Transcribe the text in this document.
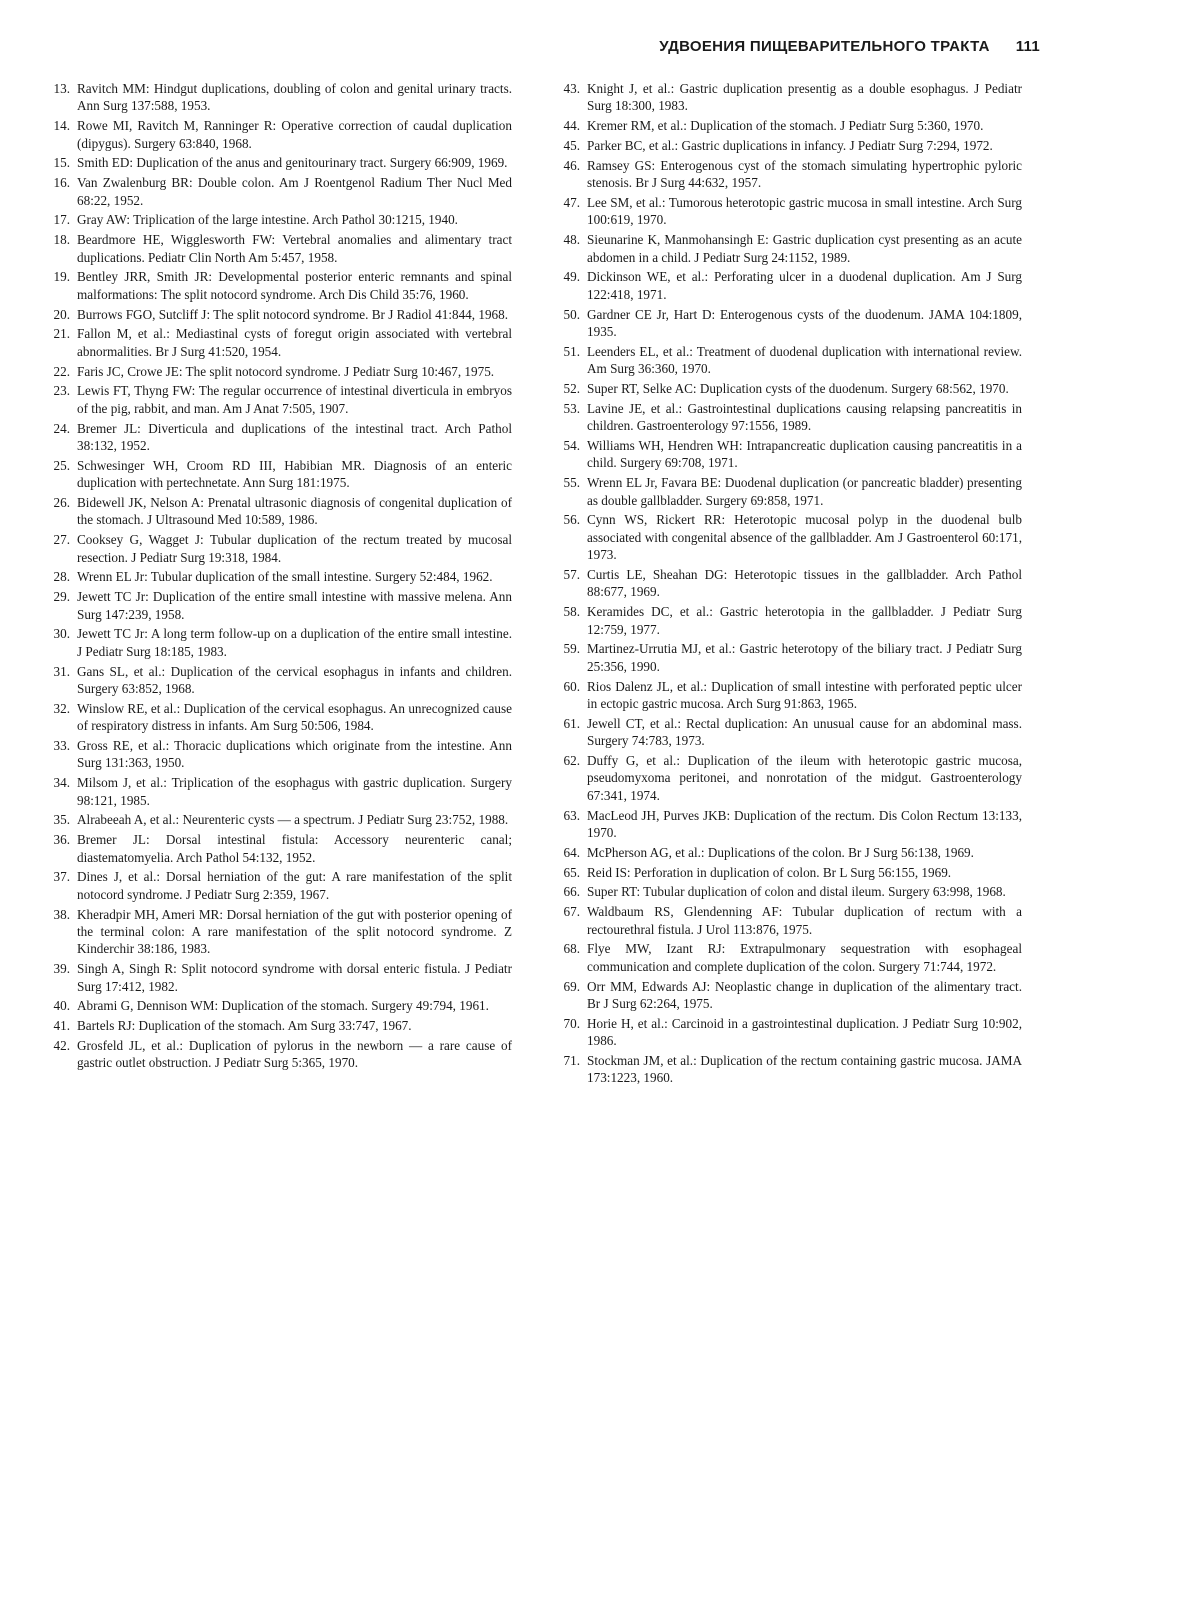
УДВОЕНИЯ ПИЩЕВАРИТЕЛЬНОГО ТРАКТА 111
13. Ravitch MM: Hindgut duplications, doubling of colon and genital urinary tracts. Ann Surg 137:588, 1953.
14. Rowe MI, Ravitch M, Ranninger R: Operative correction of caudal duplication (dipygus). Surgery 63:840, 1968.
15. Smith ED: Duplication of the anus and genitourinary tract. Surgery 66:909, 1969.
16. Van Zwalenburg BR: Double colon. Am J Roentgenol Radium Ther Nucl Med 68:22, 1952.
17. Gray AW: Triplication of the large intestine. Arch Pathol 30:1215, 1940.
18. Beardmore HE, Wigglesworth FW: Vertebral anomalies and alimentary tract duplications. Pediatr Clin North Am 5:457, 1958.
19. Bentley JRR, Smith JR: Developmental posterior enteric remnants and spinal malformations: The split notocord syndrome. Arch Dis Child 35:76, 1960.
20. Burrows FGO, Sutcliff J: The split notocord syndrome. Br J Radiol 41:844, 1968.
21. Fallon M, et al.: Mediastinal cysts of foregut origin associated with vertebral abnormalities. Br J Surg 41:520, 1954.
22. Faris JC, Crowe JE: The split notocord syndrome. J Pediatr Surg 10:467, 1975.
23. Lewis FT, Thyng FW: The regular occurrence of intestinal diverticula in embryos of the pig, rabbit, and man. Am J Anat 7:505, 1907.
24. Bremer JL: Diverticula and duplications of the intestinal tract. Arch Pathol 38:132, 1952.
25. Schwesinger WH, Croom RD III, Habibian MR. Diagnosis of an enteric duplication with pertechnetate. Ann Surg 181:1975.
26. Bidewell JK, Nelson A: Prenatal ultrasonic diagnosis of congenital duplication of the stomach. J Ultrasound Med 10:589, 1986.
27. Cooksey G, Wagget J: Tubular duplication of the rectum treated by mucosal resection. J Pediatr Surg 19:318, 1984.
28. Wrenn EL Jr: Tubular duplication of the small intestine. Surgery 52:484, 1962.
29. Jewett TC Jr: Duplication of the entire small intestine with massive melena. Ann Surg 147:239, 1958.
30. Jewett TC Jr: A long term follow-up on a duplication of the entire small intestine. J Pediatr Surg 18:185, 1983.
31. Gans SL, et al.: Duplication of the cervical esophagus in infants and children. Surgery 63:852, 1968.
32. Winslow RE, et al.: Duplication of the cervical esophagus. An unrecognized cause of respiratory distress in infants. Am Surg 50:506, 1984.
33. Gross RE, et al.: Thoracic duplications which originate from the intestine. Ann Surg 131:363, 1950.
34. Milsom J, et al.: Triplication of the esophagus with gastric duplication. Surgery 98:121, 1985.
35. Alrabeeah A, et al.: Neurenteric cysts — a spectrum. J Pediatr Surg 23:752, 1988.
36. Bremer JL: Dorsal intestinal fistula: Accessory neurenteric canal; diastematomyelia. Arch Pathol 54:132, 1952.
37. Dines J, et al.: Dorsal herniation of the gut: A rare manifestation of the split notocord syndrome. J Pediatr Surg 2:359, 1967.
38. Kheradpir MH, Ameri MR: Dorsal herniation of the gut with posterior opening of the terminal colon: A rare manifestation of the split notocord syndrome. Z Kinderchir 38:186, 1983.
39. Singh A, Singh R: Split notocord syndrome with dorsal enteric fistula. J Pediatr Surg 17:412, 1982.
40. Abrami G, Dennison WM: Duplication of the stomach. Surgery 49:794, 1961.
41. Bartels RJ: Duplication of the stomach. Am Surg 33:747, 1967.
42. Grosfeld JL, et al.: Duplication of pylorus in the newborn — a rare cause of gastric outlet obstruction. J Pediatr Surg 5:365, 1970.
43. Knight J, et al.: Gastric duplication presentig as a double esophagus. J Pediatr Surg 18:300, 1983.
44. Kremer RM, et al.: Duplication of the stomach. J Pediatr Surg 5:360, 1970.
45. Parker BC, et al.: Gastric duplications in infancy. J Pediatr Surg 7:294, 1972.
46. Ramsey GS: Enterogenous cyst of the stomach simulating hypertrophic pyloric stenosis. Br J Surg 44:632, 1957.
47. Lee SM, et al.: Tumorous heterotopic gastric mucosa in small intestine. Arch Surg 100:619, 1970.
48. Sieunarine K, Manmohansingh E: Gastric duplication cyst presenting as an acute abdomen in a child. J Pediatr Surg 24:1152, 1989.
49. Dickinson WE, et al.: Perforating ulcer in a duodenal duplication. Am J Surg 122:418, 1971.
50. Gardner CE Jr, Hart D: Enterogenous cysts of the duodenum. JAMA 104:1809, 1935.
51. Leenders EL, et al.: Treatment of duodenal duplication with international review. Am Surg 36:360, 1970.
52. Super RT, Selke AC: Duplication cysts of the duodenum. Surgery 68:562, 1970.
53. Lavine JE, et al.: Gastrointestinal duplications causing relapsing pancreatitis in children. Gastroenterology 97:1556, 1989.
54. Williams WH, Hendren WH: Intrapancreatic duplication causing pancreatitis in a child. Surgery 69:708, 1971.
55. Wrenn EL Jr, Favara BE: Duodenal duplication (or pancreatic bladder) presenting as double gallbladder. Surgery 69:858, 1971.
56. Cynn WS, Rickert RR: Heterotopic mucosal polyp in the duodenal bulb associated with congenital absence of the gallbladder. Am J Gastroenterol 60:171, 1973.
57. Curtis LE, Sheahan DG: Heterotopic tissues in the gallbladder. Arch Pathol 88:677, 1969.
58. Keramides DC, et al.: Gastric heterotopia in the gallbladder. J Pediatr Surg 12:759, 1977.
59. Martinez-Urrutia MJ, et al.: Gastric heterotopy of the biliary tract. J Pediatr Surg 25:356, 1990.
60. Rios Dalenz JL, et al.: Duplication of small intestine with perforated peptic ulcer in ectopic gastric mucosa. Arch Surg 91:863, 1965.
61. Jewell CT, et al.: Rectal duplication: An unusual cause for an abdominal mass. Surgery 74:783, 1973.
62. Duffy G, et al.: Duplication of the ileum with heterotopic gastric mucosa, pseudomyxoma peritonei, and nonrotation of the midgut. Gastroenterology 67:341, 1974.
63. MacLeod JH, Purves JKB: Duplication of the rectum. Dis Colon Rectum 13:133, 1970.
64. McPherson AG, et al.: Duplications of the colon. Br J Surg 56:138, 1969.
65. Reid IS: Perforation in duplication of colon. Br L Surg 56:155, 1969.
66. Super RT: Tubular duplication of colon and distal ileum. Surgery 63:998, 1968.
67. Waldbaum RS, Glendenning AF: Tubular duplication of rectum with a rectourethral fistula. J Urol 113:876, 1975.
68. Flye MW, Izant RJ: Extrapulmonary sequestration with esophageal communication and complete duplication of the colon. Surgery 71:744, 1972.
69. Orr MM, Edwards AJ: Neoplastic change in duplication of the alimentary tract. Br J Surg 62:264, 1975.
70. Horie H, et al.: Carcinoid in a gastrointestinal duplication. J Pediatr Surg 10:902, 1986.
71. Stockman JM, et al.: Duplication of the rectum containing gastric mucosa. JAMA 173:1223, 1960.
